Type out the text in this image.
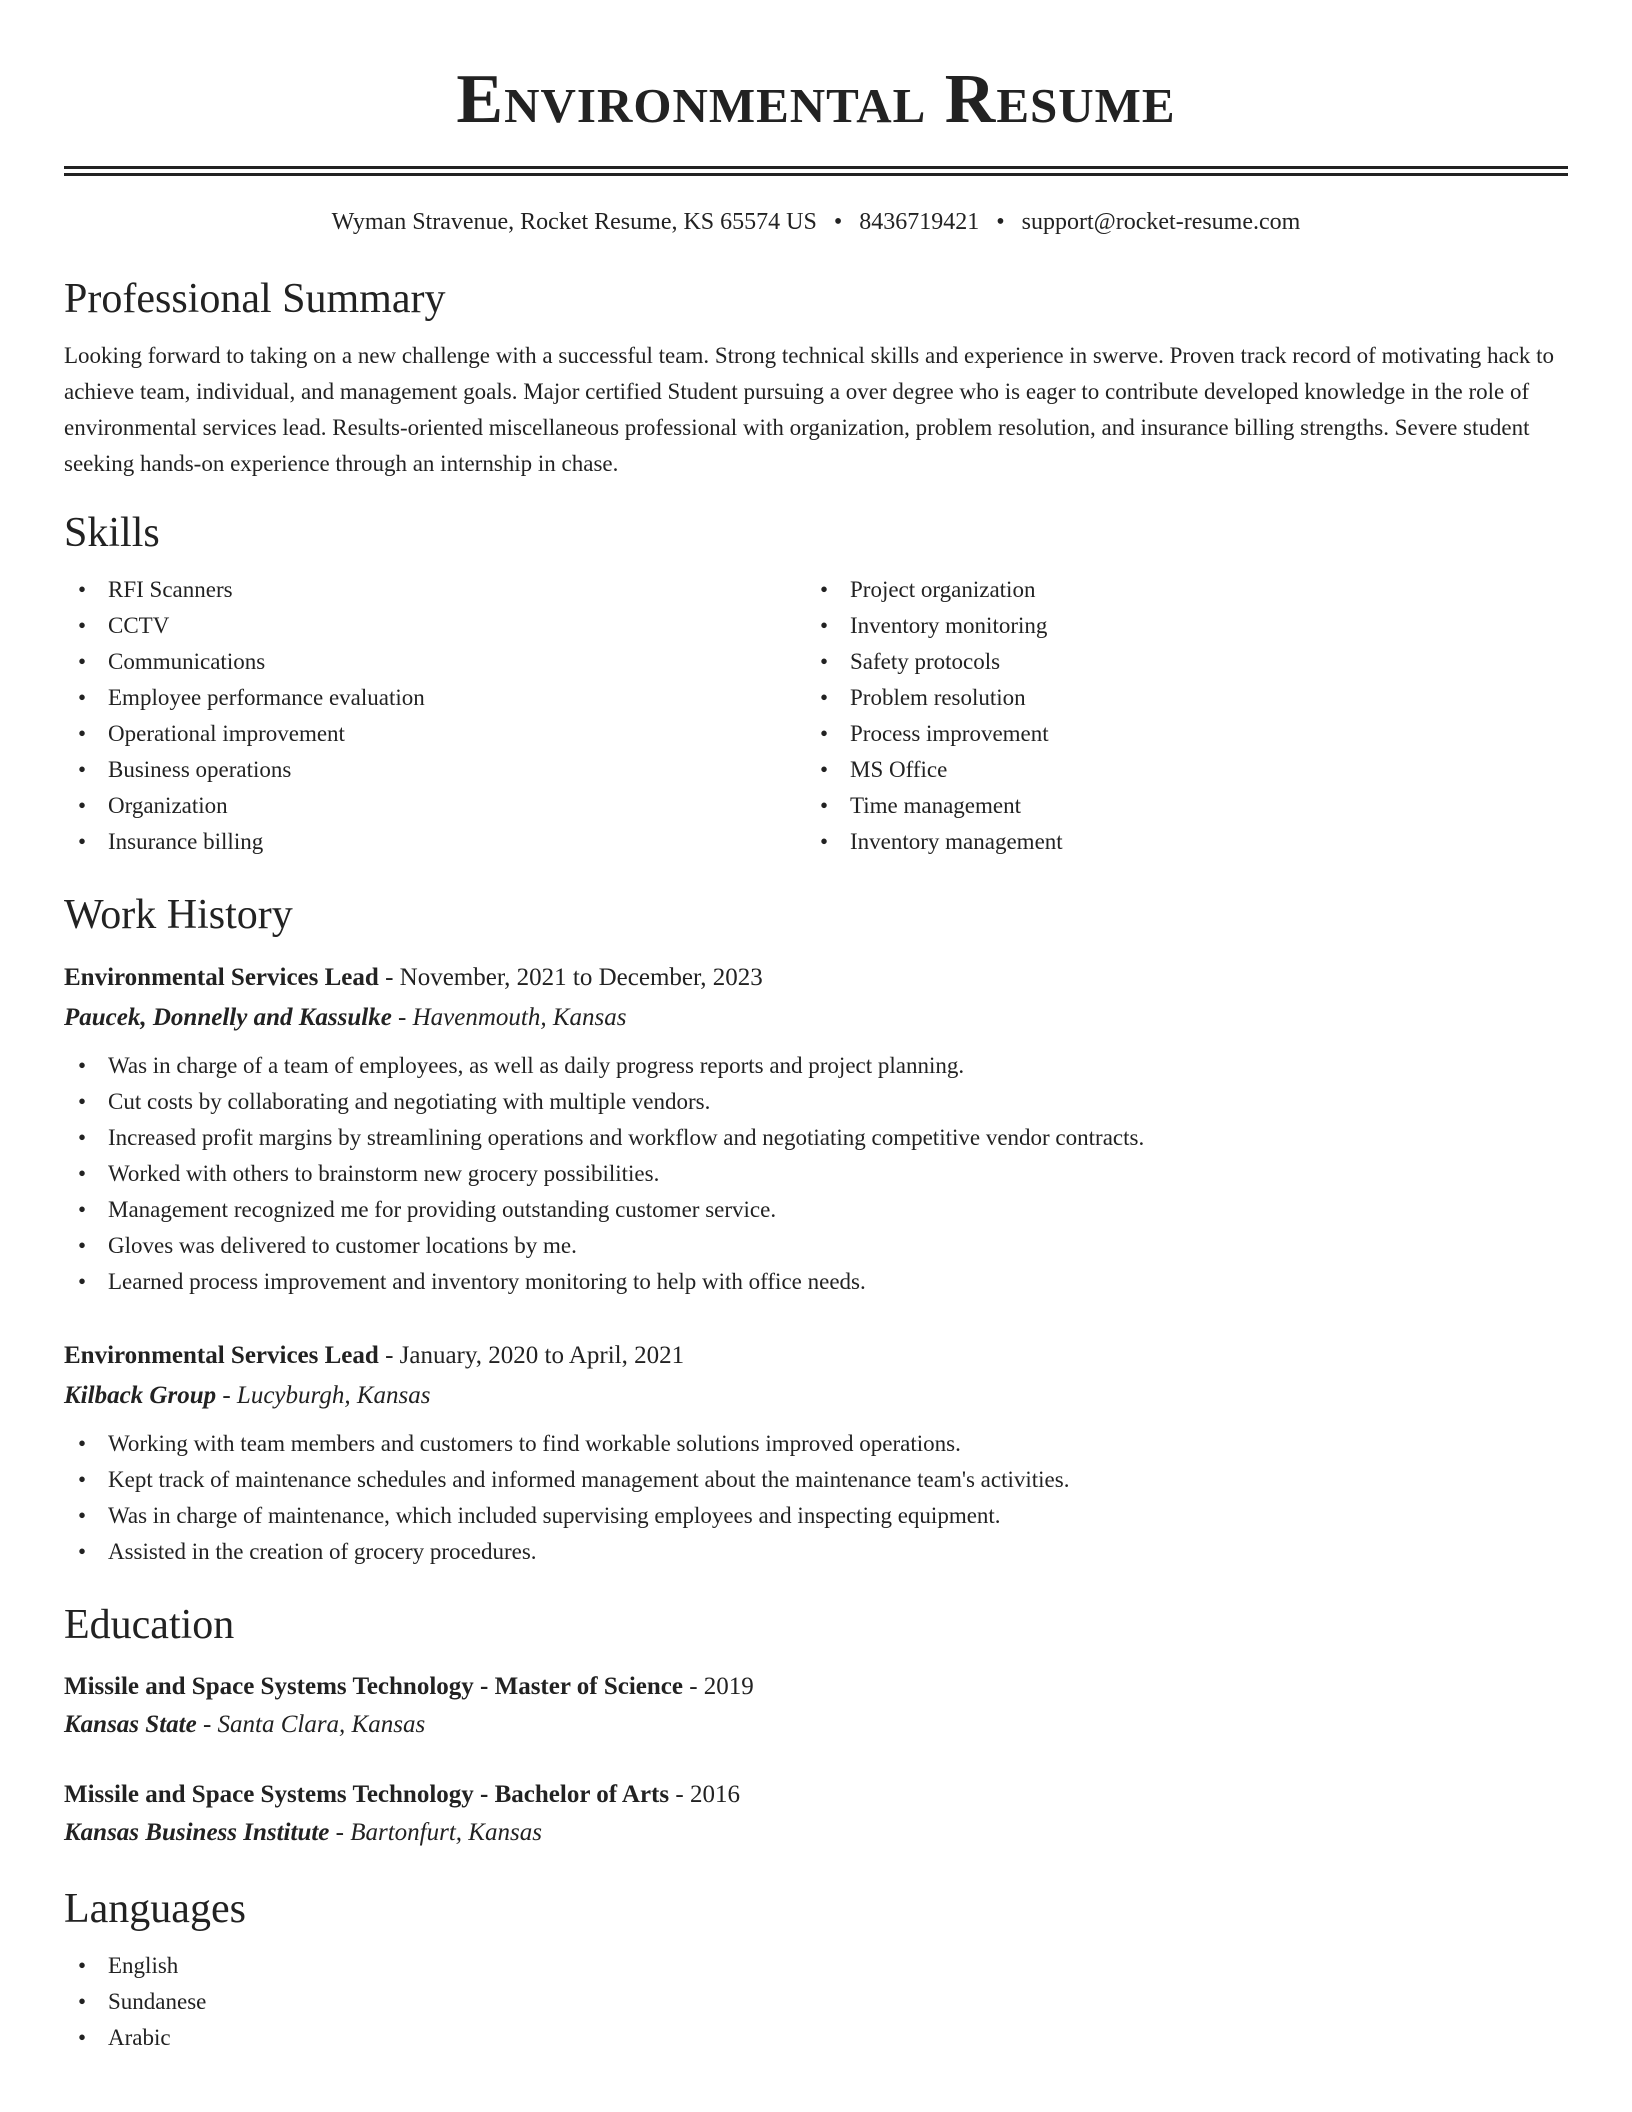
Environmental Resume
Wyman Stravenue, Rocket Resume, KS 65574 US • 8436719421 • support@rocket-resume.com
Professional Summary

Looking forward to taking on a new challenge with a successful team. Strong technical skills and experience in swerve. Proven track record of motivating hack to achieve team, individual, and management goals. Major certified Student pursuing a over degree who is eager to contribute developed knowledge in the role of environmental services lead. Results-oriented miscellaneous professional with organization, problem resolution, and insurance billing strengths. Severe student seeking hands-on experience through an internship in chase.

Skills
• RFI Scanners
• CCTV
• Communications
• Employee performance evaluation
• Operational improvement
• Business operations
• Organization
• Insurance billing
• Project organization
• Inventory monitoring
• Safety protocols
• Problem resolution
• Process improvement
• MS Office
• Time management
• Inventory management
Work History
Environmental Services Lead - November, 2021 to December, 2023
Paucek, Donnelly and Kassulke - Havenmouth, Kansas
• Was in charge of a team of employees, as well as daily progress reports and project planning.
• Cut costs by collaborating and negotiating with multiple vendors.
• Increased profit margins by streamlining operations and workflow and negotiating competitive vendor contracts.
• Worked with others to brainstorm new grocery possibilities.
• Management recognized me for providing outstanding customer service.
• Gloves was delivered to customer locations by me.
• Learned process improvement and inventory monitoring to help with office needs.
Environmental Services Lead - January, 2020 to April, 2021
Kilback Group - Lucyburgh, Kansas
• Working with team members and customers to find workable solutions improved operations.
• Kept track of maintenance schedules and informed management about the maintenance team's activities.
• Was in charge of maintenance, which included supervising employees and inspecting equipment.
• Assisted in the creation of grocery procedures.
Education
Missile and Space Systems Technology - Master of Science - 2019
Kansas State - Santa Clara, Kansas
Missile and Space Systems Technology - Bachelor of Arts - 2016
Kansas Business Institute - Bartonfurt, Kansas
Languages
• English
• Sundanese
• Arabic
